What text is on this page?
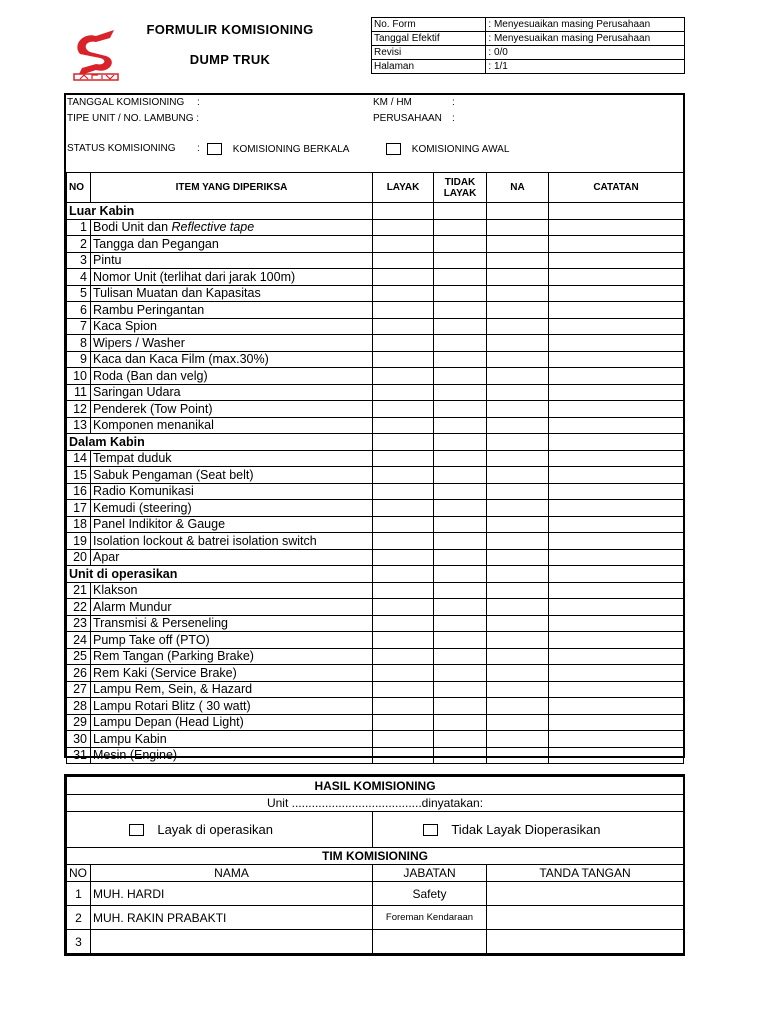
FORMULIR KOMISIONING
DUMP TRUK
No. Form	: Menyesuaikan masing Perusahaan
Tanggal Efektif	: Menyesuaikan masing Perusahaan
Revisi	: 0/0
Halaman	: 1/1
TANGGAL KOMISIONING :
TIPE UNIT / NO. LAMBUNG :
KM / HM	:
PERUSAHAAN :
STATUS KOMISIONING :	KOMISIONING BERKALA	KOMISIONING AWAL
NO	ITEM YANG DIPERIKSA	LAYAK	TIDAK LAYAK	NA	CATATAN
Luar Kabin					
1	Bodi Unit dan Reflective tape				
2	Tangga dan Pegangan				
3	Pintu				
4	Nomor Unit (terlihat dari jarak 100m)				
5	Tulisan Muatan dan Kapasitas				
6	Rambu Peringantan				
7	Kaca Spion				
8	Wipers / Washer				
9	Kaca dan Kaca Film (max.30%)				
10	Roda (Ban dan velg)				
11	Saringan Udara				
12	Penderek (Tow Point)				
13	Komponen menanikal				
Dalam Kabin					
14	Tempat duduk				
15	Sabuk Pengaman (Seat belt)				
16	Radio Komunikasi				
17	Kemudi (steering)				
18	Panel Indikitor & Gauge				
19	Isolation lockout & batrei isolation switch				
20	Apar				
Unit di operasikan					
21	Klakson				
22	Alarm Mundur				
23	Transmisi & Perseneling				
24	Pump Take off (PTO)				
25	Rem Tangan (Parking Brake)				
26	Rem Kaki (Service Brake)				
27	Lampu Rem, Sein, & Hazard				
28	Lampu Rotari Blitz ( 30 watt)				
29	Lampu Depan (Head Light)				
30	Lampu Kabin				
31	Mesin (Engine)				
HASIL KOMISIONING			
Unit .......................................dinyatakan:			
Layak di operasikan		Tidak Layak Dioperasikan	
TIM KOMISIONING			
NO	NAMA	JABATAN	TANDA TANGAN
1	MUH. HARDI	Safety	
2	MUH. RAKIN PRABAKTI	Foreman Kendaraan	
3			
